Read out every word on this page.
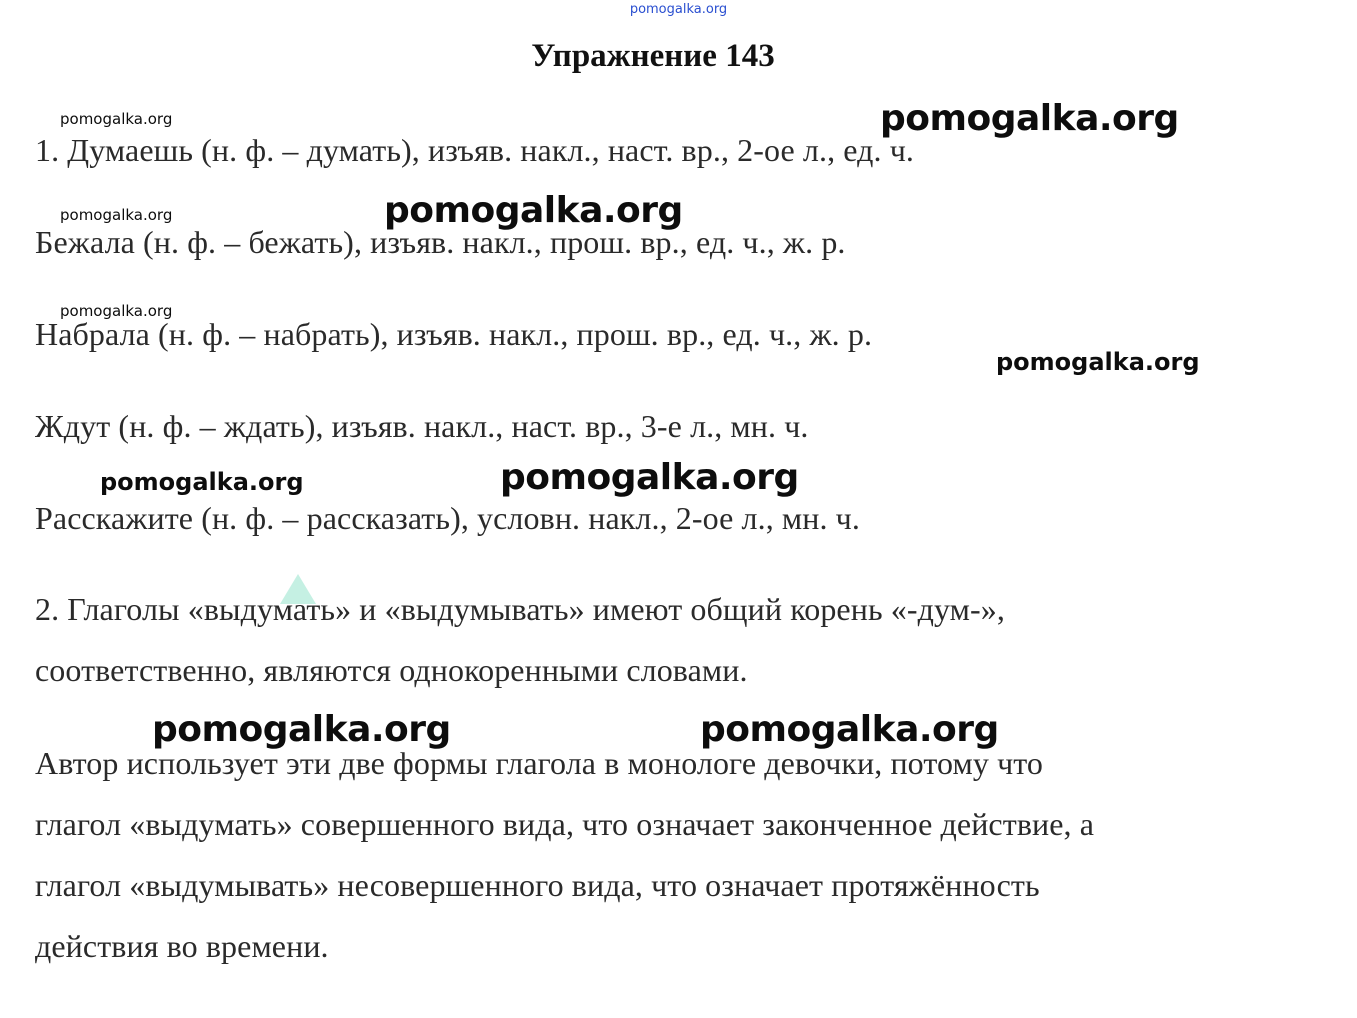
pomogalka.org
Упражнение 143
1. Думаешь (н. ф. – думать), изъяв. накл., наст. вр., 2-ое л., ед. ч.
Бежала (н. ф. – бежать), изъяв. накл., прош. вр., ед. ч., ж. р.
Набрала (н. ф. – набрать), изъяв. накл., прош. вр., ед. ч., ж. р.
Ждут (н. ф. – ждать), изъяв. накл., наст. вр., 3-е л., мн. ч.
Расскажите (н. ф. – рассказать), условн. накл., 2-ое л., мн. ч.
2. Глаголы «выдумать» и «выдумывать» имеют общий корень «-дум-»,
соответственно, являются однокоренными словами.
Автор использует эти две формы глагола в монологе девочки, потому что
глагол «выдумать» совершенного вида, что означает законченное действие, а
глагол «выдумывать» несовершенного вида, что означает протяжённость
действия во времени.
pomogalka.org
pomogalka.org
pomogalka.org
pomogalka.org
pomogalka.org
pomogalka.org
pomogalka.org
pomogalka.org
pomogalka.org	pomogalka.org
